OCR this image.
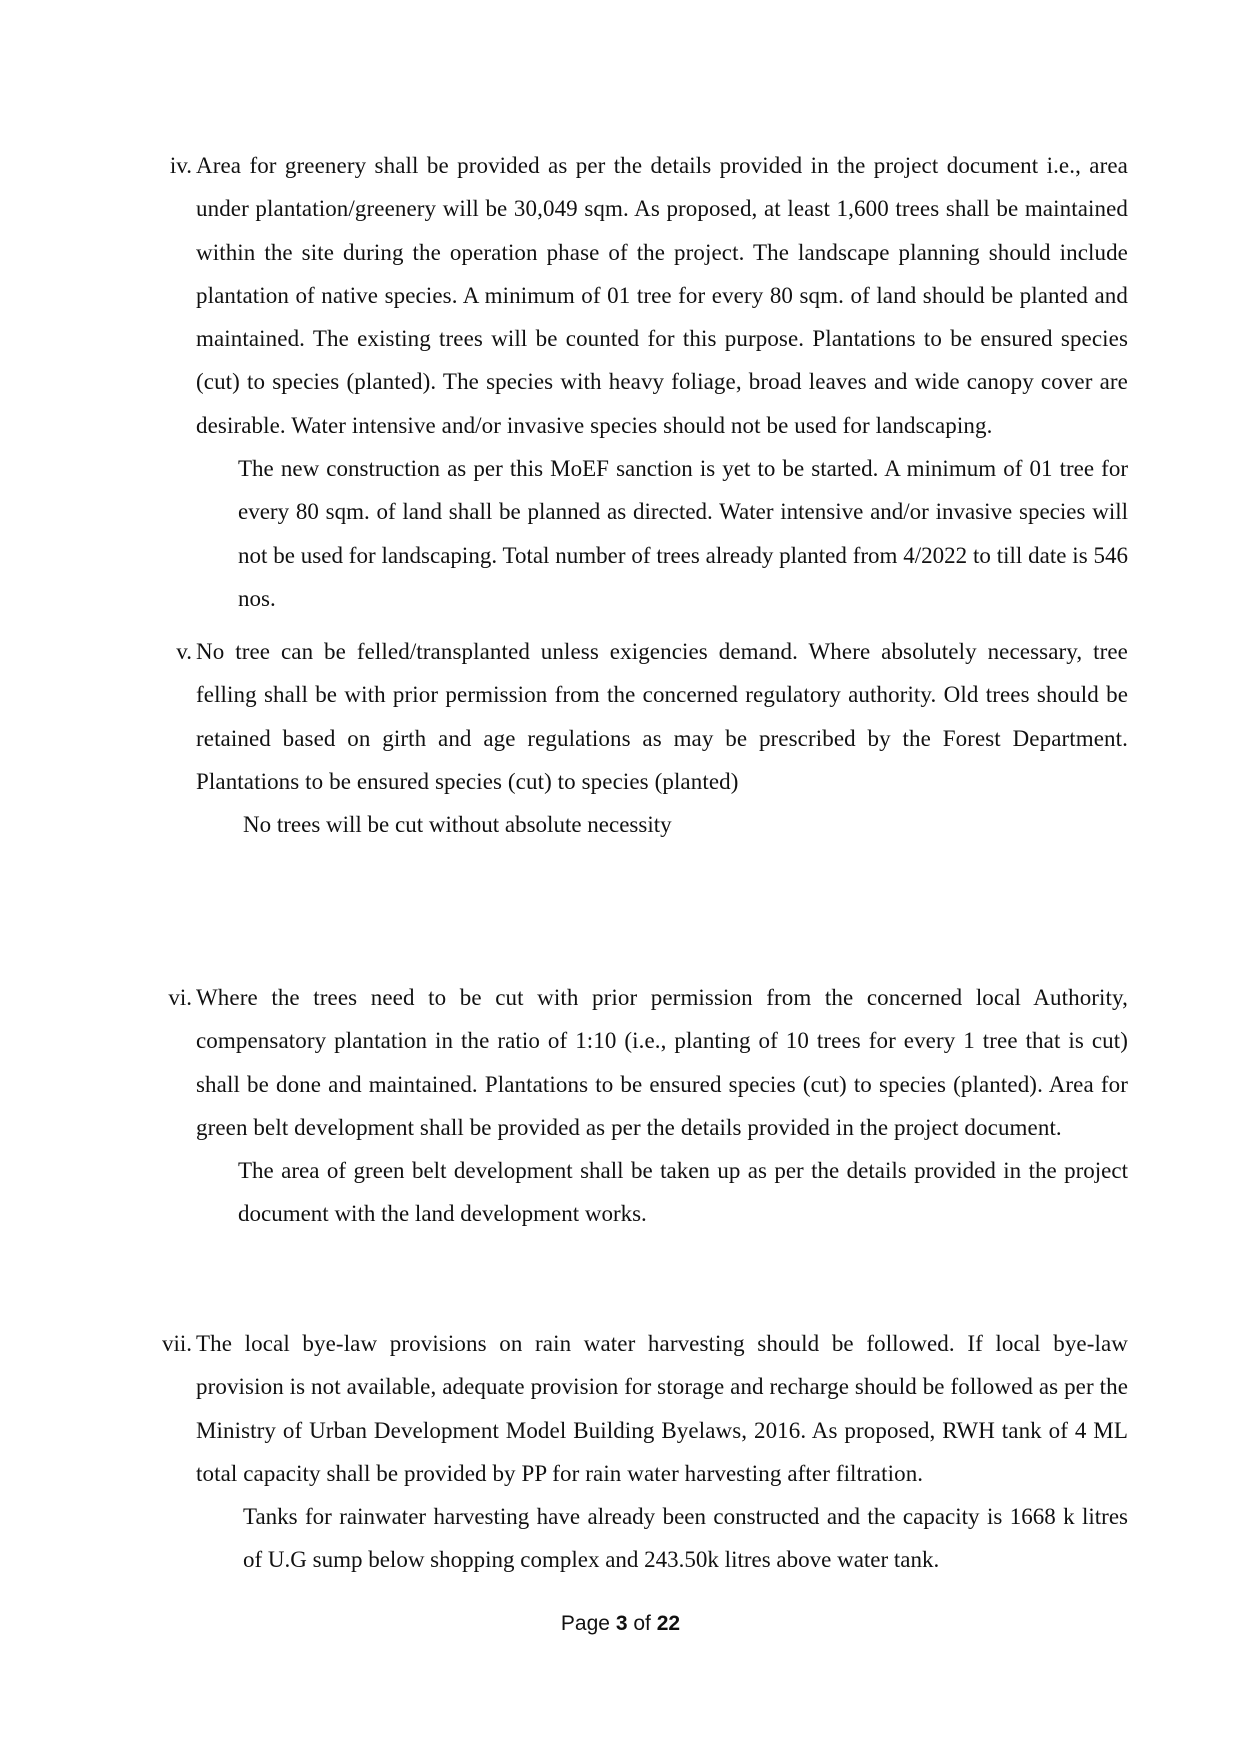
iv. Area for greenery shall be provided as per the details provided in the project document i.e., area under plantation/greenery will be 30,049 sqm. As proposed, at least 1,600 trees shall be maintained within the site during the operation phase of the project. The landscape planning should include plantation of native species. A minimum of 01 tree for every 80 sqm. of land should be planted and maintained. The existing trees will be counted for this purpose. Plantations to be ensured species (cut) to species (planted). The species with heavy foliage, broad leaves and wide canopy cover are desirable. Water intensive and/or invasive species should not be used for landscaping.
The new construction as per this MoEF sanction is yet to be started. A minimum of 01 tree for every 80 sqm. of land shall be planned as directed. Water intensive and/or invasive species will not be used for landscaping. Total number of trees already planted from 4/2022 to till date is 546 nos.
v. No tree can be felled/transplanted unless exigencies demand. Where absolutely necessary, tree felling shall be with prior permission from the concerned regulatory authority. Old trees should be retained based on girth and age regulations as may be prescribed by the Forest Department. Plantations to be ensured species (cut) to species (planted)
No trees will be cut without absolute necessity
vi. Where the trees need to be cut with prior permission from the concerned local Authority, compensatory plantation in the ratio of 1:10 (i.e., planting of 10 trees for every 1 tree that is cut) shall be done and maintained. Plantations to be ensured species (cut) to species (planted). Area for green belt development shall be provided as per the details provided in the project document.
The area of green belt development shall be taken up as per the details provided in the project document with the land development works.
vii. The local bye-law provisions on rain water harvesting should be followed. If local bye-law provision is not available, adequate provision for storage and recharge should be followed as per the Ministry of Urban Development Model Building Byelaws, 2016. As proposed, RWH tank of 4 ML total capacity shall be provided by PP for rain water harvesting after filtration.
Tanks for rainwater harvesting have already been constructed and the capacity is 1668 k litres of U.G sump below shopping complex and 243.50k litres above water tank.
Page 3 of 22
